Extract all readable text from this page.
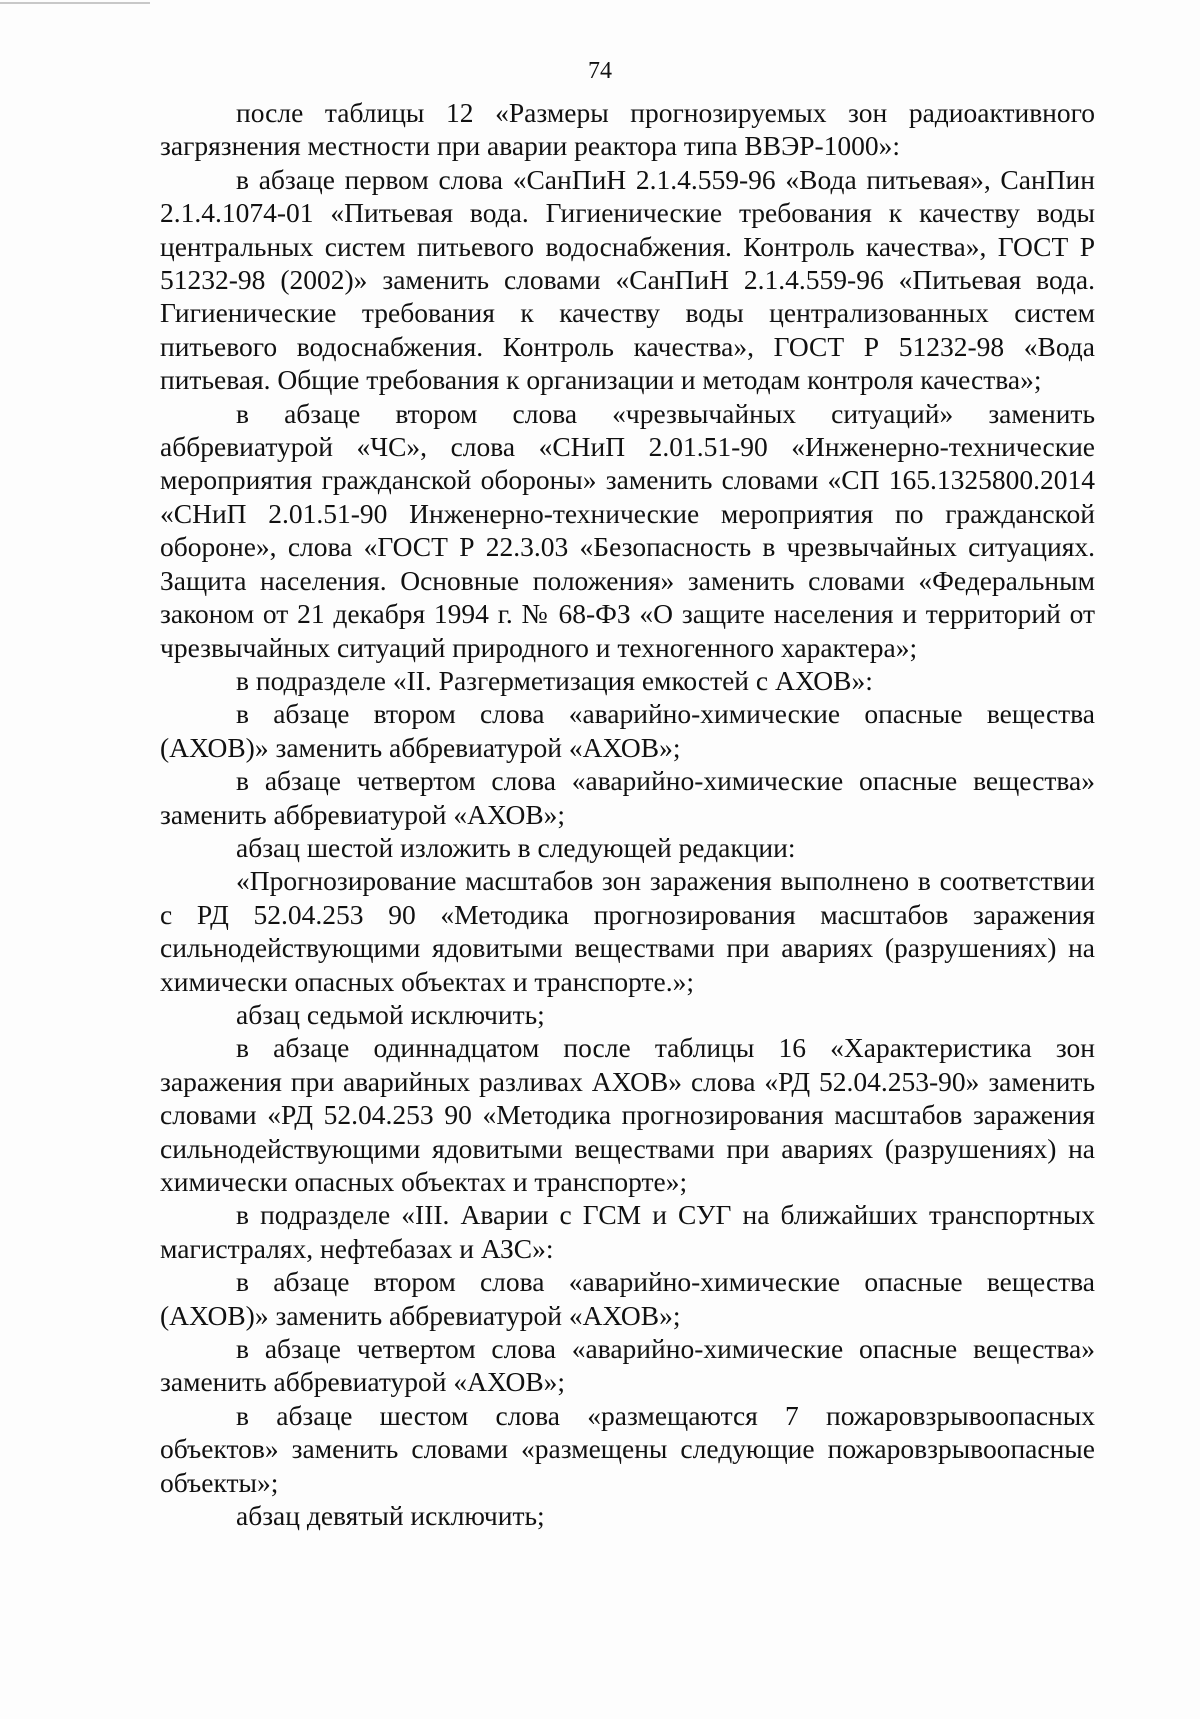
74

после таблицы 12 «Размеры прогнозируемых зон радиоактивного загрязнения местности при аварии реактора типа ВВЭР-1000»:

в абзаце первом слова «СанПиН 2.1.4.559-96 «Вода питьевая», СанПин 2.1.4.1074-01 «Питьевая вода. Гигиенические требования к качеству воды центральных систем питьевого водоснабжения. Контроль качества», ГОСТ Р 51232-98 (2002)» заменить словами «СанПиН 2.1.4.559-96 «Питьевая вода. Гигиенические требования к качеству воды централизованных систем питьевого водоснабжения. Контроль качества», ГОСТ Р 51232-98 «Вода питьевая. Общие требования к организации и методам контроля качества»;

в абзаце втором слова «чрезвычайных ситуаций» заменить аббревиатурой «ЧС», слова «СНиП 2.01.51-90 «Инженерно-технические мероприятия гражданской обороны» заменить словами «СП 165.1325800.2014 «СНиП 2.01.51-90 Инженерно-технические мероприятия по гражданской обороне», слова «ГОСТ Р 22.3.03 «Безопасность в чрезвычайных ситуациях. Защита населения. Основные положения» заменить словами «Федеральным законом от 21 декабря 1994 г. № 68-ФЗ «О защите населения и территорий от чрезвычайных ситуаций природного и техногенного характера»;

в подразделе «II. Разгерметизация емкостей с АХОВ»:

в абзаце втором слова «аварийно-химические опасные вещества (АХОВ)» заменить аббревиатурой «АХОВ»;

в абзаце четвертом слова «аварийно-химические опасные вещества» заменить аббревиатурой «АХОВ»;

абзац шестой изложить в следующей редакции:

«Прогнозирование масштабов зон заражения выполнено в соответствии с РД 52.04.253 90 «Методика прогнозирования масштабов заражения сильнодействующими ядовитыми веществами при авариях (разрушениях) на химически опасных объектах и транспорте.»;

абзац седьмой исключить;

в абзаце одиннадцатом после таблицы 16 «Характеристика зон заражения при аварийных разливах АХОВ» слова «РД 52.04.253-90» заменить словами «РД 52.04.253 90 «Методика прогнозирования масштабов заражения сильнодействующими ядовитыми веществами при авариях (разрушениях) на химически опасных объектах и транспорте»;

в подразделе «III. Аварии с ГСМ и СУГ на ближайших транспортных магистралях, нефтебазах и АЗС»:

в абзаце втором слова «аварийно-химические опасные вещества (АХОВ)» заменить аббревиатурой «АХОВ»;

в абзаце четвертом слова «аварийно-химические опасные вещества» заменить аббревиатурой «АХОВ»;

в абзаце шестом слова «размещаются 7 пожаровзрывоопасных объектов» заменить словами «размещены следующие пожаровзрывоопасные объекты»;

абзац девятый исключить;
